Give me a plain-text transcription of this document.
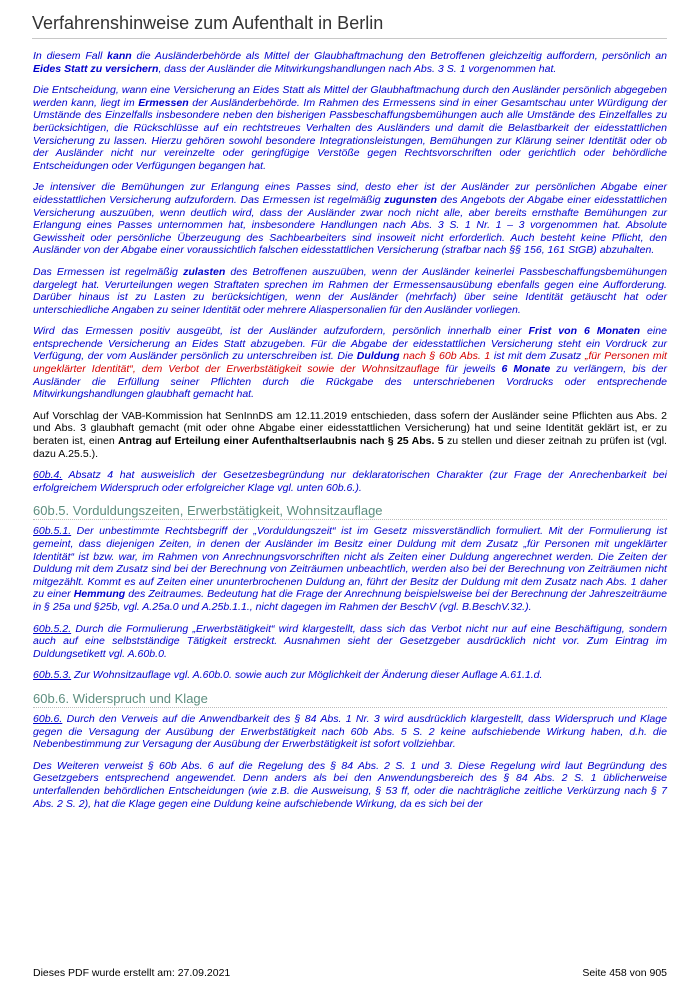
Verfahrenshinweise zum Aufenthalt in Berlin

In diesem Fall kann die Ausländerbehörde als Mittel der Glaubhaftmachung den Betroffenen gleichzeitig auffordern, persönlich an Eides Statt zu versichern, dass der Ausländer die Mitwirkungshandlungen nach Abs. 3 S. 1 vorgenommen hat.

Die Entscheidung, wann eine Versicherung an Eides Statt als Mittel der Glaubhaftmachung durch den Ausländer persönlich abgegeben werden kann, liegt im Ermessen der Ausländerbehörde. Im Rahmen des Ermessens sind in einer Gesamtschau unter Würdigung der Umstände des Einzelfalls insbesondere neben den bisherigen Passbeschaffungsbemühungen auch alle Umstände des Einzelfalles zu berücksichtigen, die Rückschlüsse auf ein rechtstreues Verhalten des Ausländers und damit die Belastbarkeit der eidesstattlichen Versicherung zu lassen. Hierzu gehören sowohl besondere Integrationsleistungen, Bemühungen zur Klärung seiner Identität oder ob der Ausländer nicht nur vereinzelte oder geringfügige Verstöße gegen Rechtsvorschriften oder gerichtlich oder behördliche Entscheidungen oder Verfügungen begangen hat.

Je intensiver die Bemühungen zur Erlangung eines Passes sind, desto eher ist der Ausländer zur persönlichen Abgabe einer eidesstattlichen Versicherung aufzufordern. Das Ermessen ist regelmäßig zugunsten des Angebots der Abgabe einer eidesstattlichen Versicherung auszuüben, wenn deutlich wird, dass der Ausländer zwar noch nicht alle, aber bereits ernsthafte Bemühungen zur Erlangung eines Passes unternommen hat, insbesondere Handlungen nach Abs. 3 S. 1 Nr. 1 – 3 vorgenommen hat. Absolute Gewissheit oder persönliche Überzeugung des Sachbearbeiters sind insoweit nicht erforderlich. Auch besteht keine Pflicht, den Ausländer von der Abgabe einer voraussichtlich falschen eidesstattlichen Versicherung (strafbar nach §§ 156, 161 StGB) abzuhalten.

Das Ermessen ist regelmäßig zulasten des Betroffenen auszuüben, wenn der Ausländer keinerlei Passbeschaffungsbemühungen dargelegt hat. Verurteilungen wegen Straftaten sprechen im Rahmen der Ermessensausübung ebenfalls gegen eine Aufforderung. Darüber hinaus ist zu Lasten zu berücksichtigen, wenn der Ausländer (mehrfach) über seine Identität getäuscht hat oder unterschiedliche Angaben zu seiner Identität oder mehrere Aliaspersonalien für den Ausländer vorliegen.

Wird das Ermessen positiv ausgeübt, ist der Ausländer aufzufordern, persönlich innerhalb einer Frist von 6 Monaten eine entsprechende Versicherung an Eides Statt abzugeben. Für die Abgabe der eidesstattlichen Versicherung steht ein Vordruck zur Verfügung, der vom Ausländer persönlich zu unterschreiben ist. Die Duldung nach § 60b Abs. 1 ist mit dem Zusatz „für Personen mit ungeklärter Identität“, dem Verbot der Erwerbstätigkeit sowie der Wohnsitzauflage für jeweils 6 Monate zu verlängern, bis der Ausländer die Erfüllung seiner Pflichten durch die Rückgabe des unterschriebenen Vordrucks oder entsprechende Mitwirkungshandlungen glaubhaft gemacht hat.

Auf Vorschlag der VAB-Kommission hat SenInnDS am 12.11.2019 entschieden, dass sofern der Ausländer seine Pflichten aus Abs. 2 und Abs. 3 glaubhaft gemacht (mit oder ohne Abgabe einer eidesstattlichen Versicherung) hat und seine Identität geklärt ist, er zu beraten ist, einen Antrag auf Erteilung einer Aufenthaltserlaubnis nach § 25 Abs. 5 zu stellen und dieser zeitnah zu prüfen ist (vgl. dazu A.25.5.).

60b.4. Absatz 4 hat ausweislich der Gesetzesbegründung nur deklaratorischen Charakter (zur Frage der Anrechenbarkeit bei erfolgreichem Widerspruch oder erfolgreicher Klage vgl. unten 60b.6.).

60b.5. Vorduldungszeiten, Erwerbstätigkeit, Wohnsitzauflage

60b.5.1. Der unbestimmte Rechtsbegriff der „Vorduldungszeit“ ist im Gesetz missverständlich formuliert. Mit der Formulierung ist gemeint, dass diejenigen Zeiten, in denen der Ausländer im Besitz einer Duldung mit dem Zusatz „für Personen mit ungeklärter Identität“ ist bzw. war, im Rahmen von Anrechnungsvorschriften nicht als Zeiten einer Duldung angerechnet werden. Die Zeiten der Duldung mit dem Zusatz sind bei der Berechnung von Zeiträumen unbeachtlich, werden also bei der Berechnung von Zeiträumen nicht mitgezählt. Kommt es auf Zeiten einer ununterbrochenen Duldung an, führt der Besitz der Duldung mit dem Zusatz nach Abs. 1 daher zu einer Hemmung des Zeitraumes. Bedeutung hat die Frage der Anrechnung beispielsweise bei der Berechnung der Jahreszeiträume in § 25a und §25b, vgl. A.25a.0 und A.25b.1.1., nicht dagegen im Rahmen der BeschV (vgl. B.BeschV.32.).

60b.5.2. Durch die Formulierung „Erwerbstätigkeit“ wird klargestellt, dass sich das Verbot nicht nur auf eine Beschäftigung, sondern auch auf eine selbstständige Tätigkeit erstreckt. Ausnahmen sieht der Gesetzgeber ausdrücklich nicht vor. Zum Eintrag im Duldungsetikett vgl. A.60b.0.

60b.5.3. Zur Wohnsitzauflage vgl. A.60b.0. sowie auch zur Möglichkeit der Änderung dieser Auflage A.61.1.d.

60b.6. Widerspruch und Klage

60b.6. Durch den Verweis auf die Anwendbarkeit des § 84 Abs. 1 Nr. 3 wird ausdrücklich klargestellt, dass Widerspruch und Klage gegen die Versagung der Ausübung der Erwerbstätigkeit nach 60b Abs. 5 S. 2 keine aufschiebende Wirkung haben, d.h. die Nebenbestimmung zur Versagung der Ausübung der Erwerbstätigkeit ist sofort vollziehbar.

Des Weiteren verweist § 60b Abs. 6 auf die Regelung des § 84 Abs. 2 S. 1 und 3. Diese Regelung wird laut Begründung des Gesetzgebers entsprechend angewendet. Denn anders als bei den Anwendungsbereich des § 84 Abs. 2 S. 1 üblicherweise unterfallenden behördlichen Entscheidungen (wie z.B. die Ausweisung, § 53 ff, oder die nachträgliche zeitliche Verkürzung nach § 7 Abs. 2 S. 2), hat die Klage gegen eine Duldung keine aufschiebende Wirkung, da es sich bei der

Dieses PDF wurde erstellt am: 27.09.2021	Seite 458 von 905
